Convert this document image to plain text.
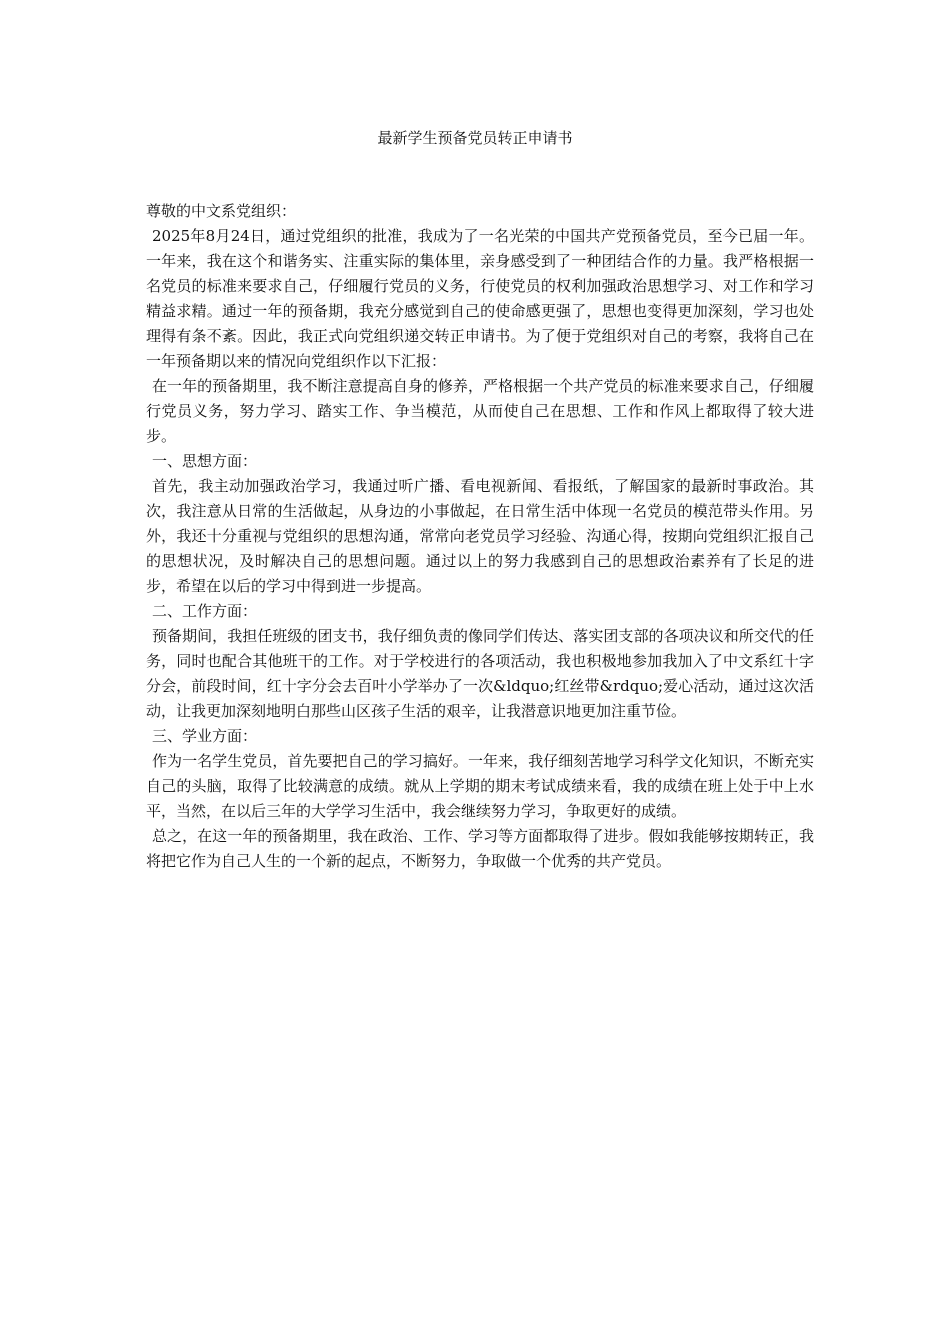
最新学生预备党员转正申请书

尊敬的中文系党组织：

2025年8月24日，通过党组织的批准，我成为了一名光荣的中国共产党预备党员，至今已届一年。一年来，我在这个和谐务实、注重实际的集体里，亲身感受到了一种团结合作的力量。我严格根据一名党员的标准来要求自己，仔细履行党员的义务，行使党员的权利加强政治思想学习、对工作和学习精益求精。通过一年的预备期，我充分感觉到自己的使命感更强了，思想也变得更加深刻，学习也处理得有条不紊。因此，我正式向党组织递交转正申请书。为了便于党组织对自己的考察，我将自己在一年预备期以来的情况向党组织作以下汇报：

在一年的预备期里，我不断注意提高自身的修养，严格根据一个共产党员的标准来要求自己，仔细履行党员义务，努力学习、踏实工作、争当模范，从而使自己在思想、工作和作风上都取得了较大进步。

一、思想方面：

首先，我主动加强政治学习，我通过听广播、看电视新闻、看报纸，了解国家的最新时事政治。其次，我注意从日常的生活做起，从身边的小事做起，在日常生活中体现一名党员的模范带头作用。另外，我还十分重视与党组织的思想沟通，常常向老党员学习经验、沟通心得，按期向党组织汇报自己的思想状况，及时解决自己的思想问题。通过以上的努力我感到自己的思想政治素养有了长足的进步，希望在以后的学习中得到进一步提高。

二、工作方面：

预备期间，我担任班级的团支书，我仔细负责的像同学们传达、落实团支部的各项决议和所交代的任务，同时也配合其他班干的工作。对于学校进行的各项活动，我也积极地参加我加入了中文系红十字分会，前段时间，红十字分会去百叶小学举办了一次&ldquo;红丝带&rdquo;爱心活动，通过这次活动，让我更加深刻地明白那些山区孩子生活的艰辛，让我潜意识地更加注重节俭。

三、学业方面：

作为一名学生党员，首先要把自己的学习搞好。一年来，我仔细刻苦地学习科学文化知识，不断充实自己的头脑，取得了比较满意的成绩。就从上学期的期末考试成绩来看，我的成绩在班上处于中上水平，当然，在以后三年的大学学习生活中，我会继续努力学习，争取更好的成绩。

总之，在这一年的预备期里，我在政治、工作、学习等方面都取得了进步。假如我能够按期转正，我将把它作为自己人生的一个新的起点，不断努力，争取做一个优秀的共产党员。
